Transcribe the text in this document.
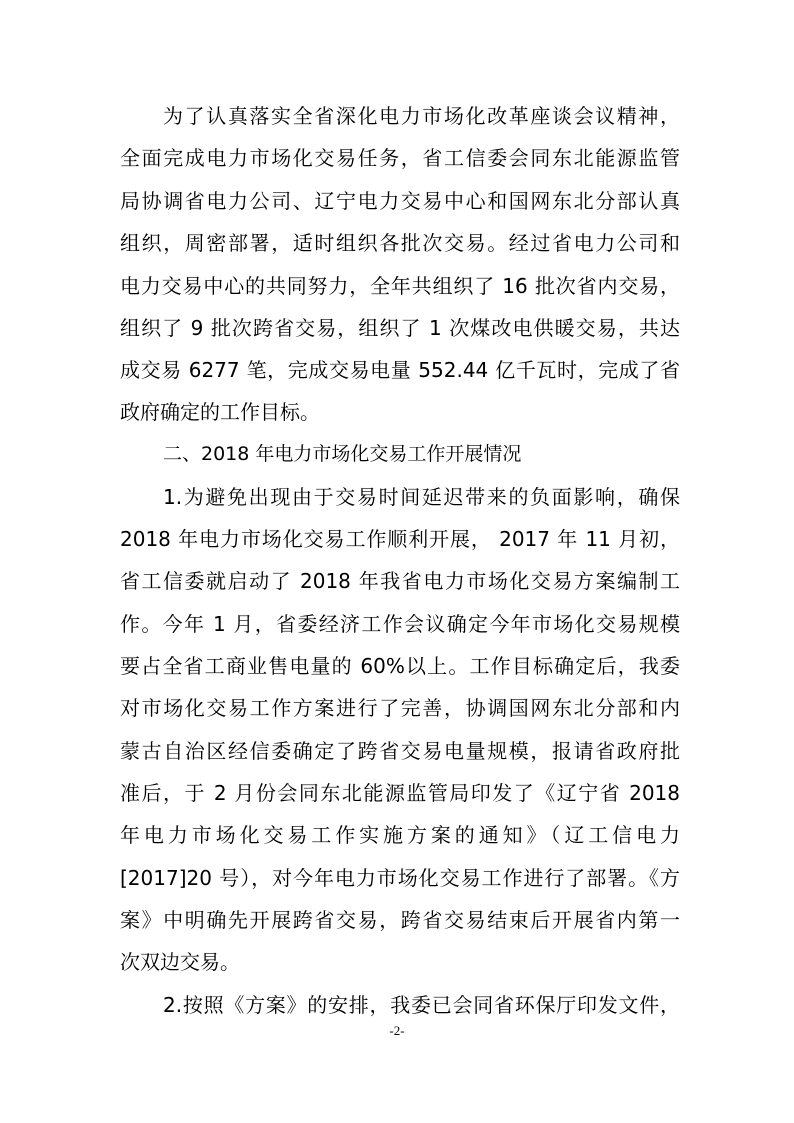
为了认真落实全省深化电力市场化改革座谈会议精神，
全面完成电力市场化交易任务，省工信委会同东北能源监管
局协调省电力公司、辽宁电力交易中心和国网东北分部认真
组织，周密部署，适时组织各批次交易。经过省电力公司和
电力交易中心的共同努力，全年共组织了 16 批次省内交易，
组织了 9 批次跨省交易，组织了 1 次煤改电供暖交易，共达
成交易 6277 笔，完成交易电量 552.44 亿千瓦时，完成了省
政府确定的工作目标。
二、2018 年电力市场化交易工作开展情况
1.为避免出现由于交易时间延迟带来的负面影响，确保
2018 年电力市场化交易工作顺利开展， 2017 年 11 月初，
省工信委就启动了 2018 年我省电力市场化交易方案编制工
作。今年 1 月，省委经济工作会议确定今年市场化交易规模
要占全省工商业售电量的 60%以上。工作目标确定后，我委
对市场化交易工作方案进行了完善，协调国网东北分部和内
蒙古自治区经信委确定了跨省交易电量规模，报请省政府批
准后，于 2 月份会同东北能源监管局印发了《辽宁省 2018
年电力市场化交易工作实施方案的通知》（辽工信电力
[2017]20 号），对今年电力市场化交易工作进行了部署。《方
案》中明确先开展跨省交易，跨省交易结束后开展省内第一
次双边交易。
2.按照《方案》的安排，我委已会同省环保厅印发文件，
-2-
